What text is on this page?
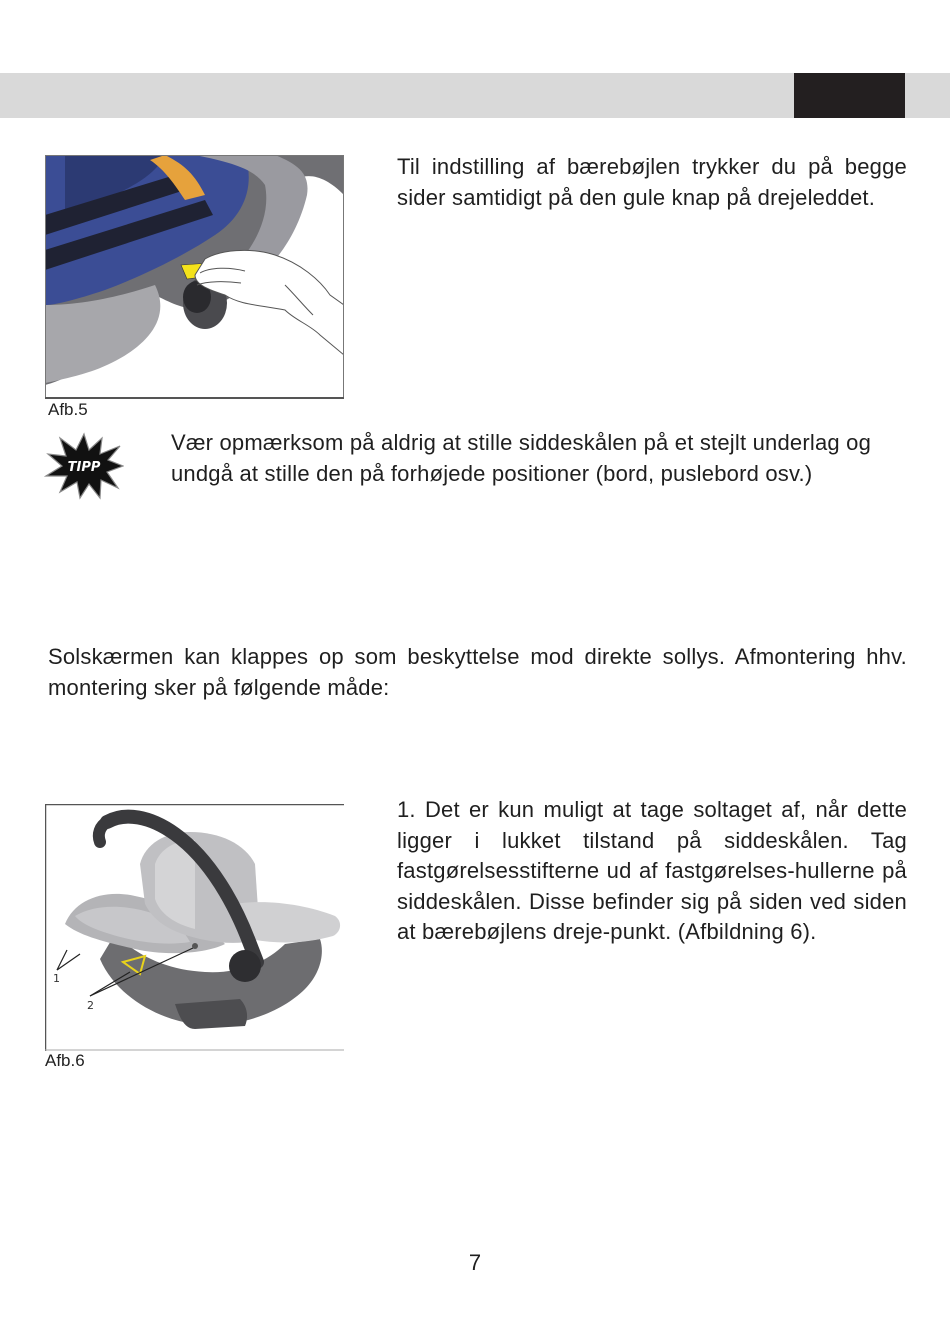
Afb.5

Til indstilling af bærebøjlen trykker du på begge sider samtidigt på den gule knap på drejeleddet.

TIPP

Vær opmærksom på aldrig at stille siddeskålen på et stejlt underlag og undgå at stille den på forhøjede positioner (bord, puslebord osv.)

Solskærmen kan klappes op som beskyttelse mod direkte sollys. Afmontering hhv. montering sker på følgende måde:

1
2
Afb.6

1. Det er kun muligt at tage soltaget af, når dette ligger i lukket tilstand på siddeskålen. Tag fastgørelsesstifterne ud af fastgørelses-hullerne på siddeskålen. Disse befinder sig på siden ved siden at bærebøjlens dreje-punkt. (Afbildning 6).

7
